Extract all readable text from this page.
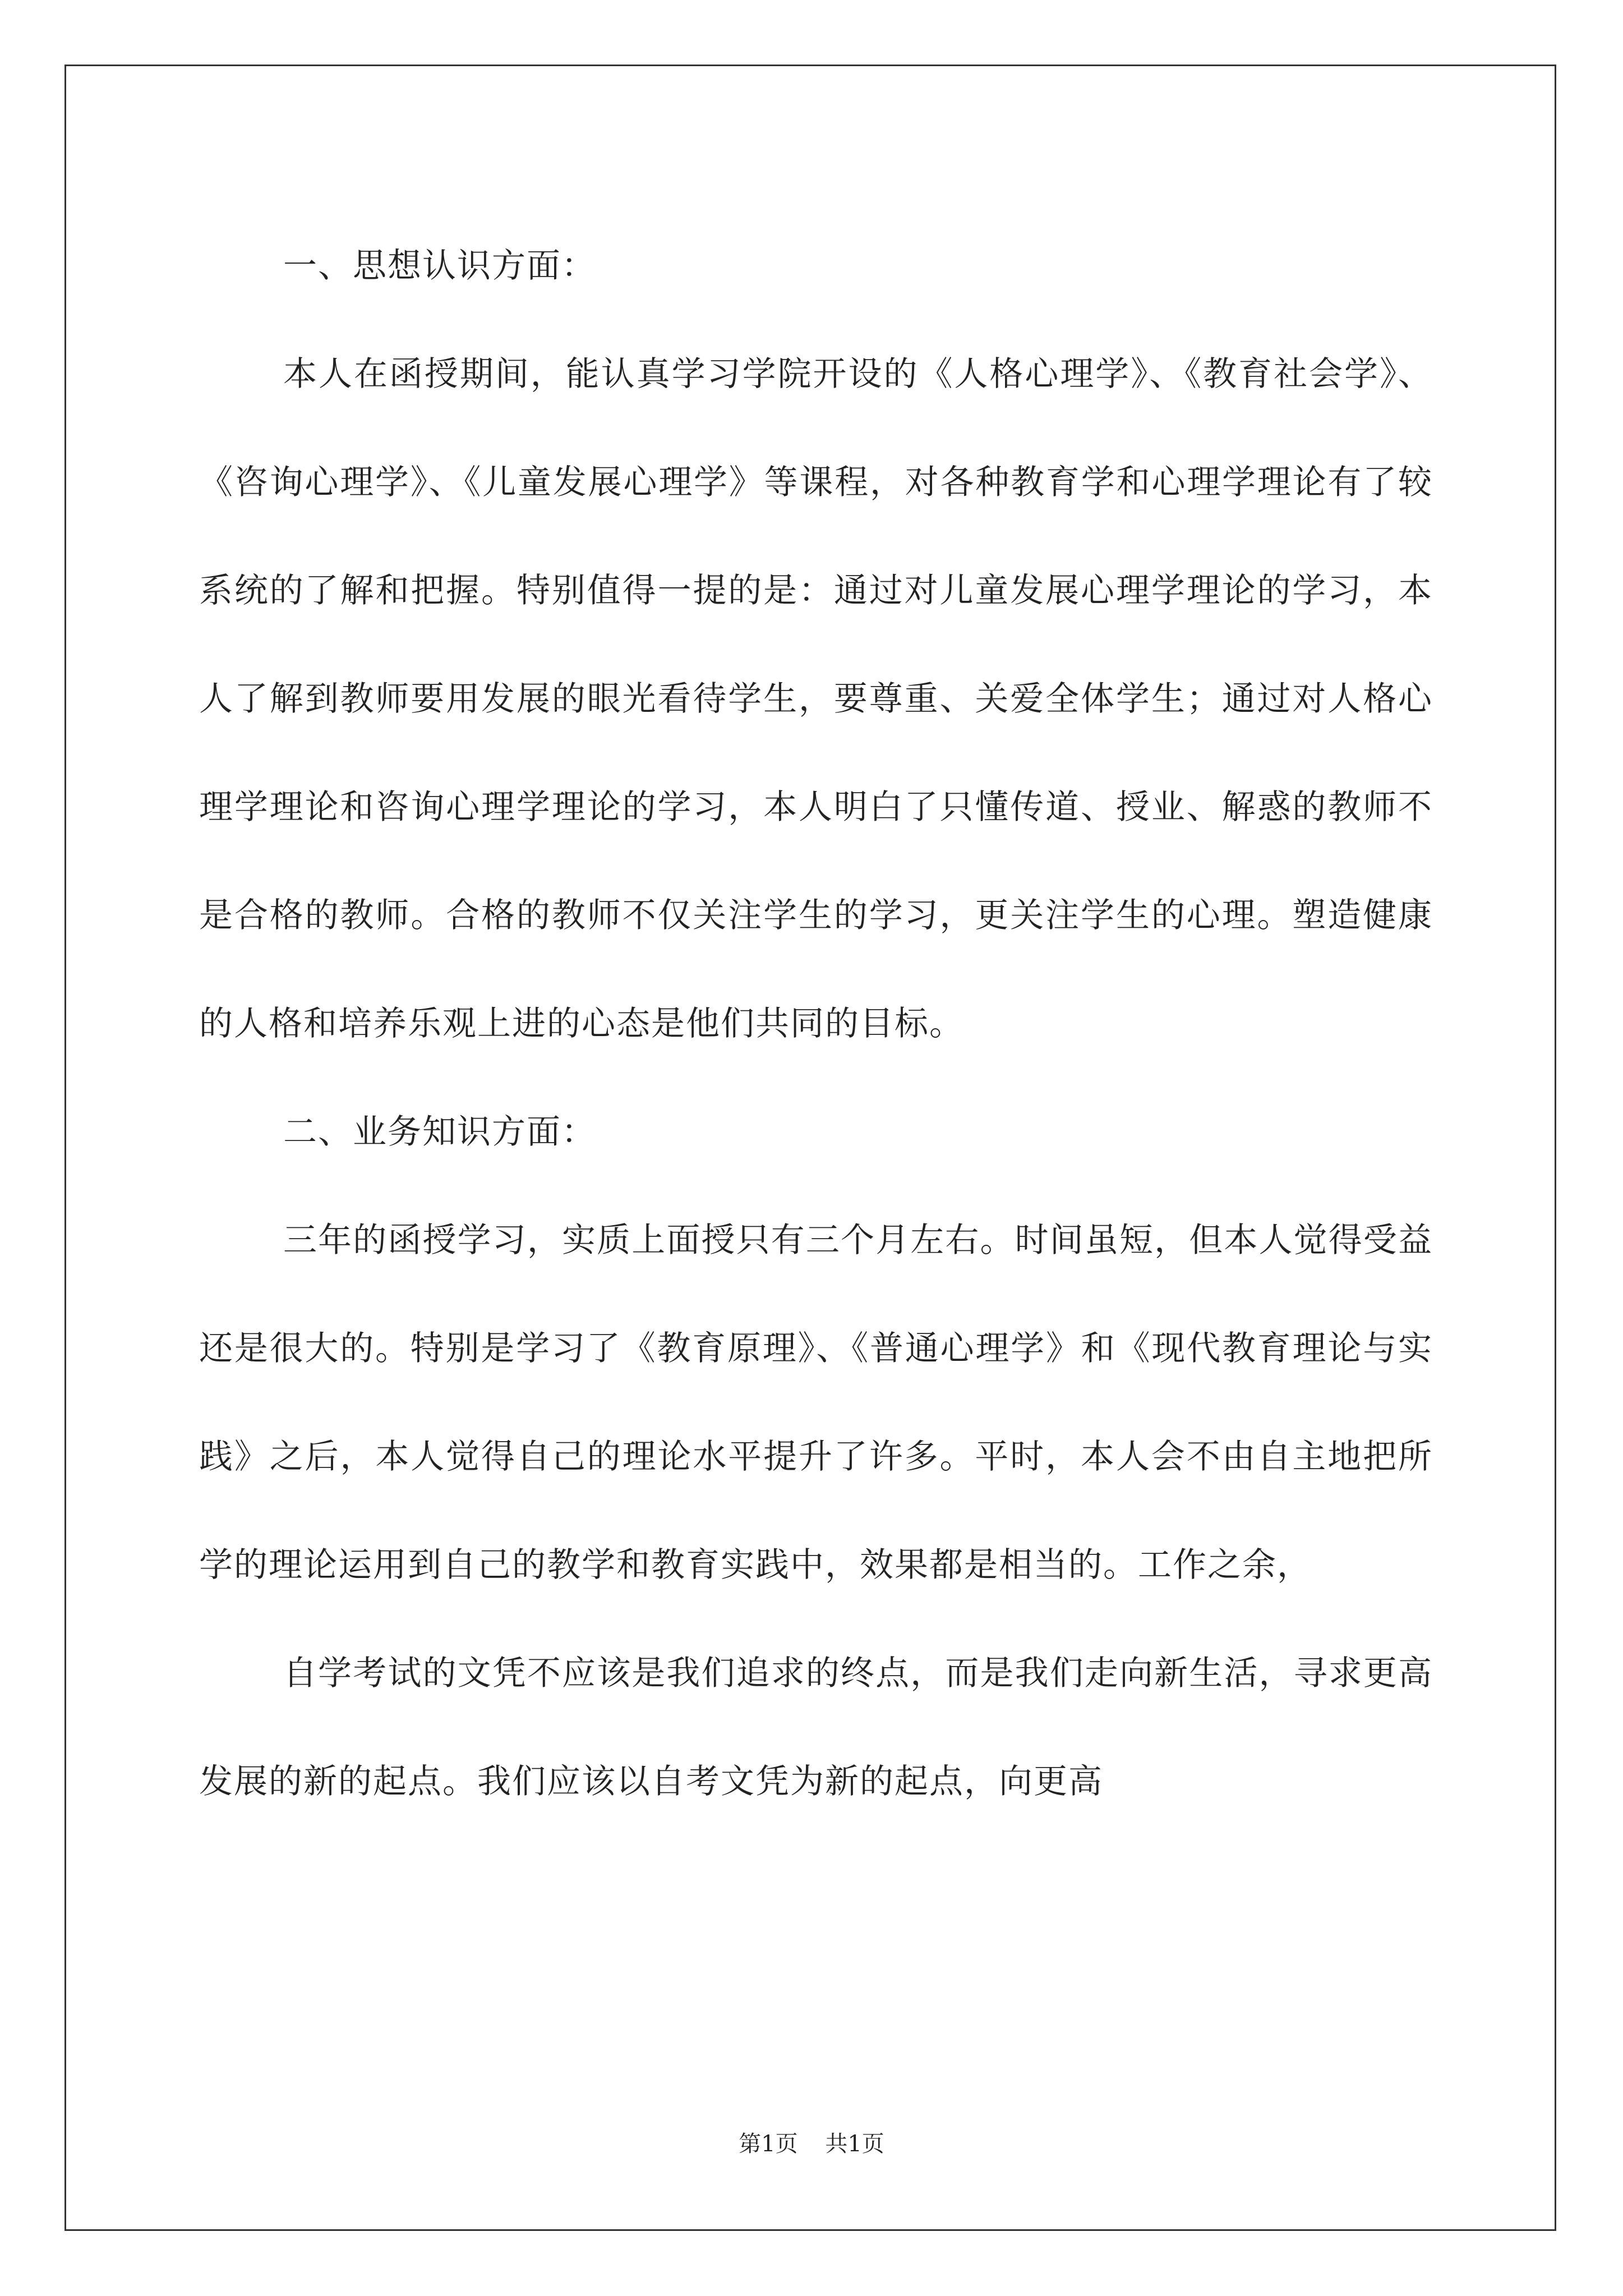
一、思想认识方面：

本人在函授期间，能认真学习学院开设的《人格心理学》、《教育社会学》、《咨询心理学》、《儿童发展心理学》等课程，对各种教育学和心理学理论有了较系统的了解和把握。特别值得一提的是：通过对儿童发展心理学理论的学习，本人了解到教师要用发展的眼光看待学生，要尊重、关爱全体学生；通过对人格心理学理论和咨询心理学理论的学习，本人明白了只懂传道、授业、解惑的教师不是合格的教师。合格的教师不仅关注学生的学习，更关注学生的心理。塑造健康的人格和培养乐观上进的心态是他们共同的目标。

二、业务知识方面：

三年的函授学习，实质上面授只有三个月左右。时间虽短，但本人觉得受益还是很大的。特别是学习了《教育原理》、《普通心理学》和《现代教育理论与实践》之后，本人觉得自己的理论水平提升了许多。平时，本人会不由自主地把所学的理论运用到自己的教学和教育实践中，效果都是相当的。工作之余，

自学考试的文凭不应该是我们追求的终点，而是我们走向新生活，寻求更高发展的新的起点。我们应该以自考文凭为新的起点，向更高

第1页 共1页
